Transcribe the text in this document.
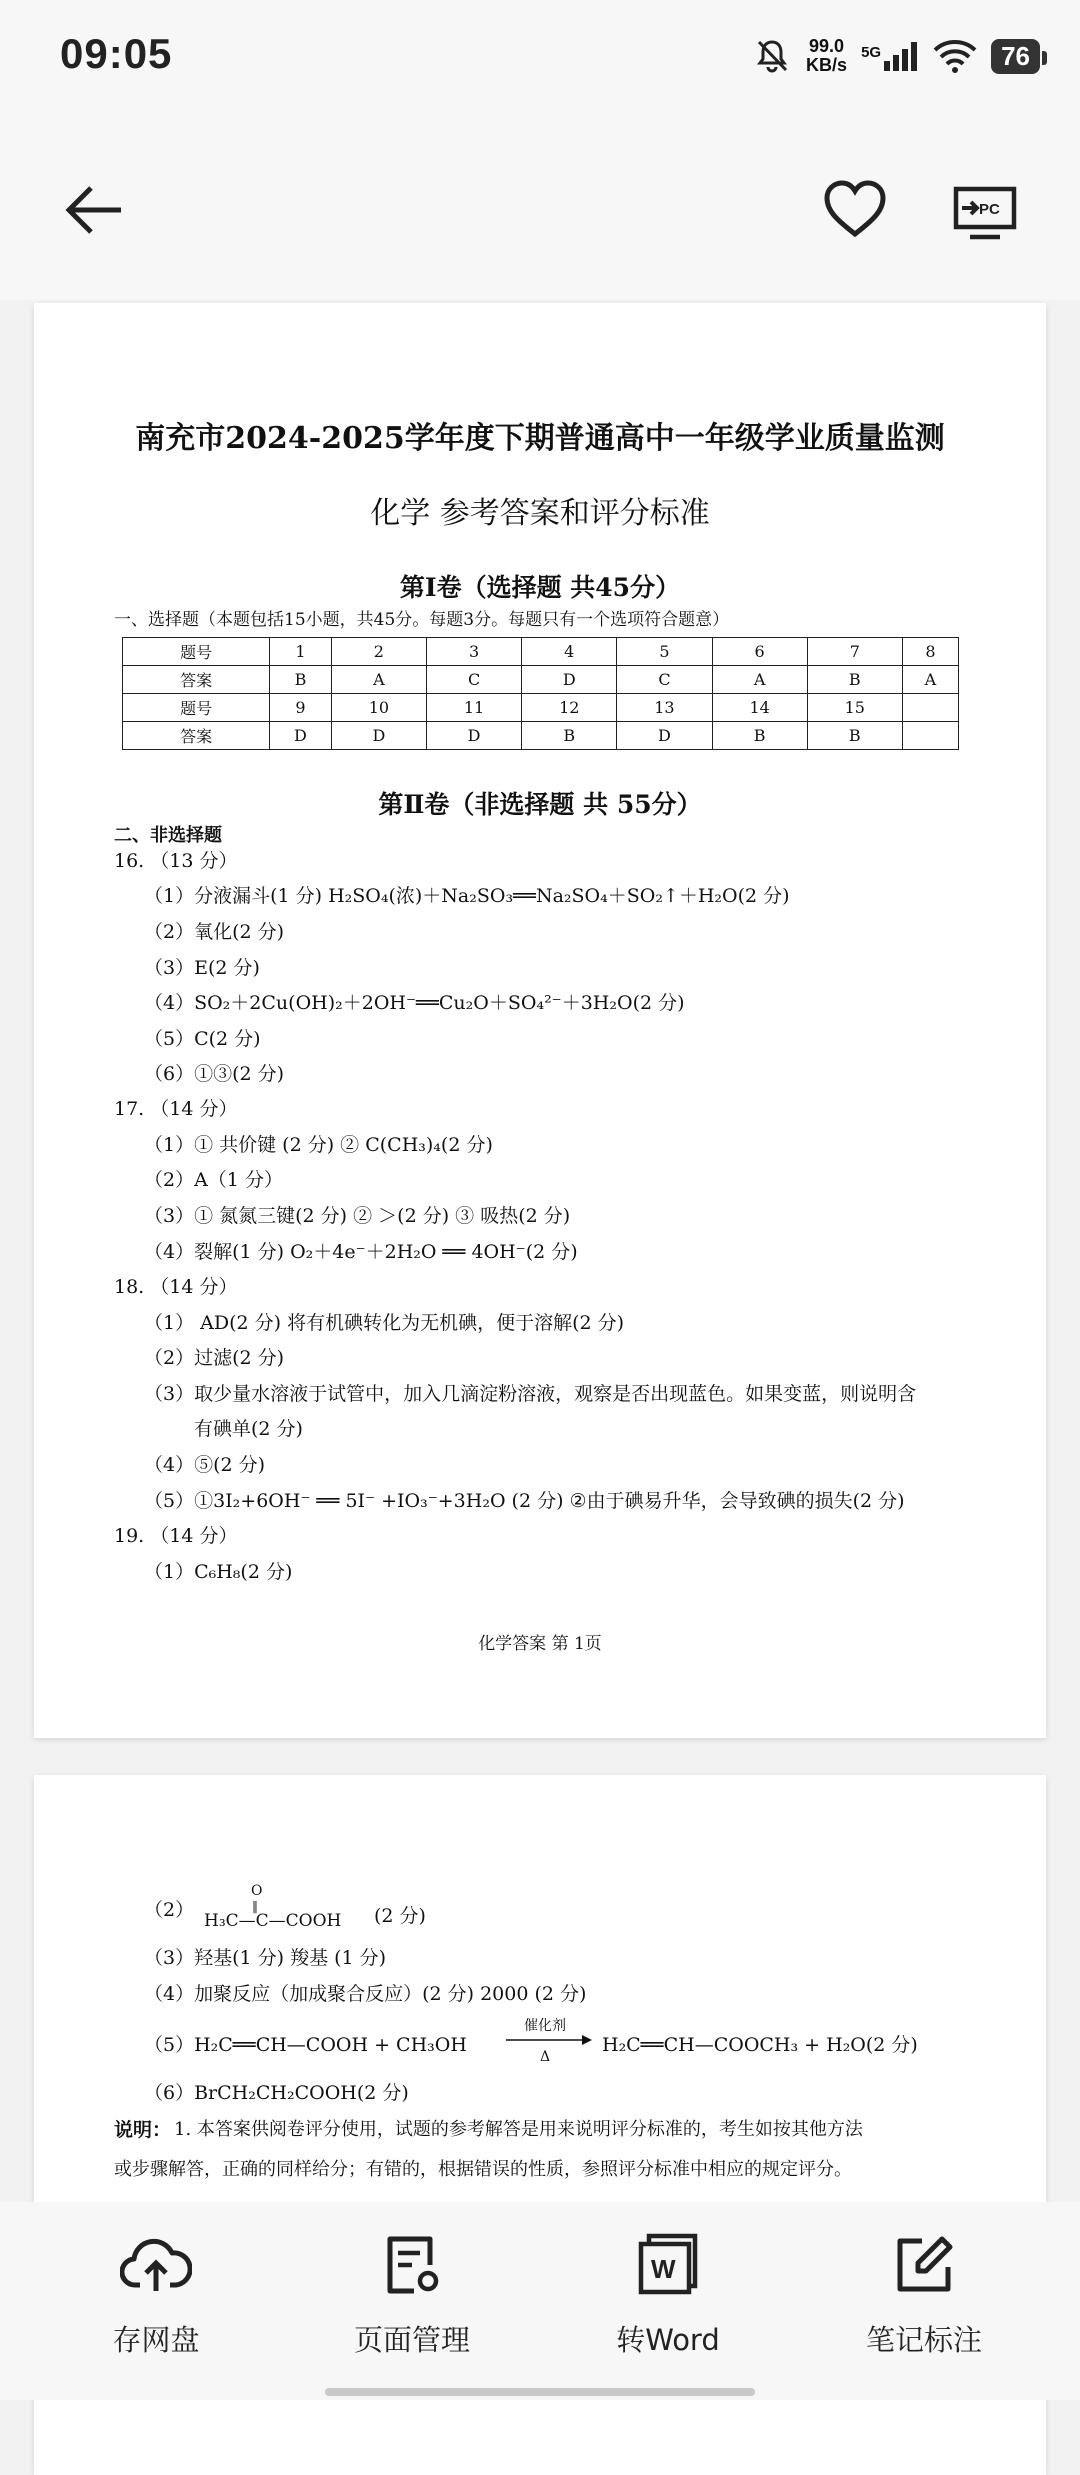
09:05	99.0
KB/s
5G	76
PC
南充市2024-2025学年度下期普通高中一年级学业质量监测
化学 参考答案和评分标准
第Ⅰ卷（选择题 共45分）
一、选择题（本题包括15小题，共45分。每题3分。每题只有一个选项符合题意）
题号	1	2	3	4	5	6	7	8
答案	B	A	C	D	C	A	B	A
题号	9	10	11	12	13	14	15	
答案	D	D	D	B	D	B	B	
第Ⅱ卷（非选择题 共 55分）
二、非选择题
16. （13 分）
（1）分液漏斗(1 分) H₂SO₄(浓)＋Na₂SO₃══Na₂SO₄＋SO₂↑＋H₂O(2 分)
（2）氧化(2 分)
（3）E(2 分)
（4）SO₂＋2Cu(OH)₂＋2OH⁻══Cu₂O＋SO₄²⁻＋3H₂O(2 分)
（5）C(2 分)
（6）①③(2 分)
17. （14 分）
（1）① 共价键 (2 分) ② C(CH₃)₄(2 分)
（2）A（1 分）
（3）① 氮氮三键(2 分) ② ＞(2 分) ③ 吸热(2 分)
（4）裂解(1 分) O₂＋4e⁻＋2H₂O ══ 4OH⁻(2 分)
18. （14 分）
（1） AD(2 分) 将有机碘转化为无机碘，便于溶解(2 分)
（2）过滤(2 分)
（3）取少量水溶液于试管中，加入几滴淀粉溶液，观察是否出现蓝色。如果变蓝，则说明含
有碘单(2 分)
（4）⑤(2 分)
（5）①3I₂+6OH⁻ ══ 5I⁻ +IO₃⁻+3H₂O (2 分) ②由于碘易升华，会导致碘的损失(2 分)
19. （14 分）
（1）C₆H₈(2 分)
化学答案 第 1页
（2）
O
‖
H₃C—C—COOH (2 分)
（3）羟基(1 分) 羧基 (1 分)
（4）加聚反应（加成聚合反应）(2 分) 2000 (2 分)
（5）H₂C══CH—COOH + CH₃OH
催化剂
Δ
H₂C══CH—COOCH₃ + H₂O(2 分)
（6）BrCH₂CH₂COOH(2 分)
说明： 1. 本答案供阅卷评分使用，试题的参考解答是用来说明评分标准的，考生如按其他方法
或步骤解答，正确的同样给分；有错的，根据错误的性质，参照评分标准中相应的规定评分。
存网盘	页面管理
W
转Word	笔记标注
